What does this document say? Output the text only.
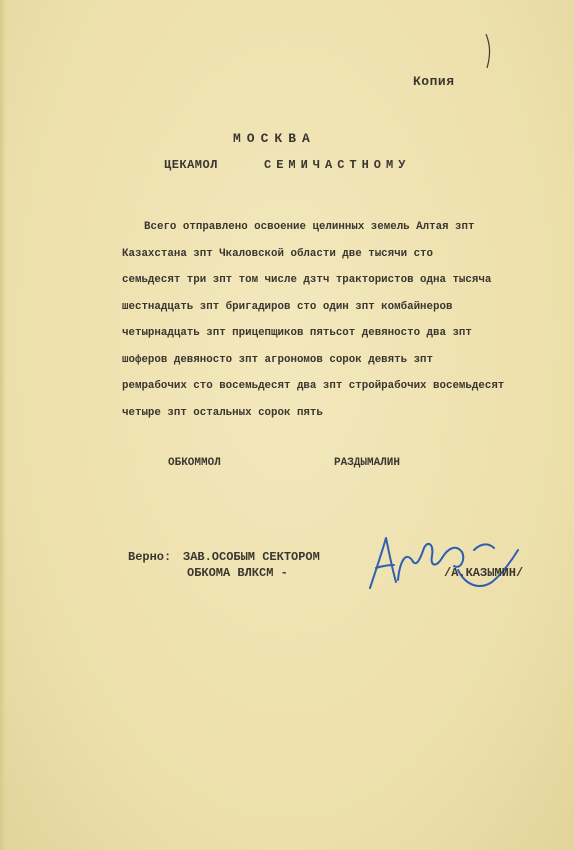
Копия
МОСКВА
ЦЕКАМОЛ	СЕМИЧАСТНОМУ
Всего отправлено освоение целинных земель Алтая зпт
Казахстана зпт Чкаловской области две тысячи сто
семьдесят три зпт том числе дзтч трактористов одна тысяча
шестнадцать зпт бригадиров сто один зпт комбайнеров
четырнадцать зпт прицепщиков пятьсот девяносто два зпт
шоферов девяносто зпт агрономов сорок девять зпт
ремрабочих сто восемьдесят два зпт стройрабочих восемьдесят
четыре зпт остальных сорок пять
ОБКОММОЛ	РАЗДЫМАЛИН
Верно: ЗАВ.ОСОБЫМ СЕКТОРОМ
ОБКОМА ВЛКСМ -	/А.КАЗЫМИН/
